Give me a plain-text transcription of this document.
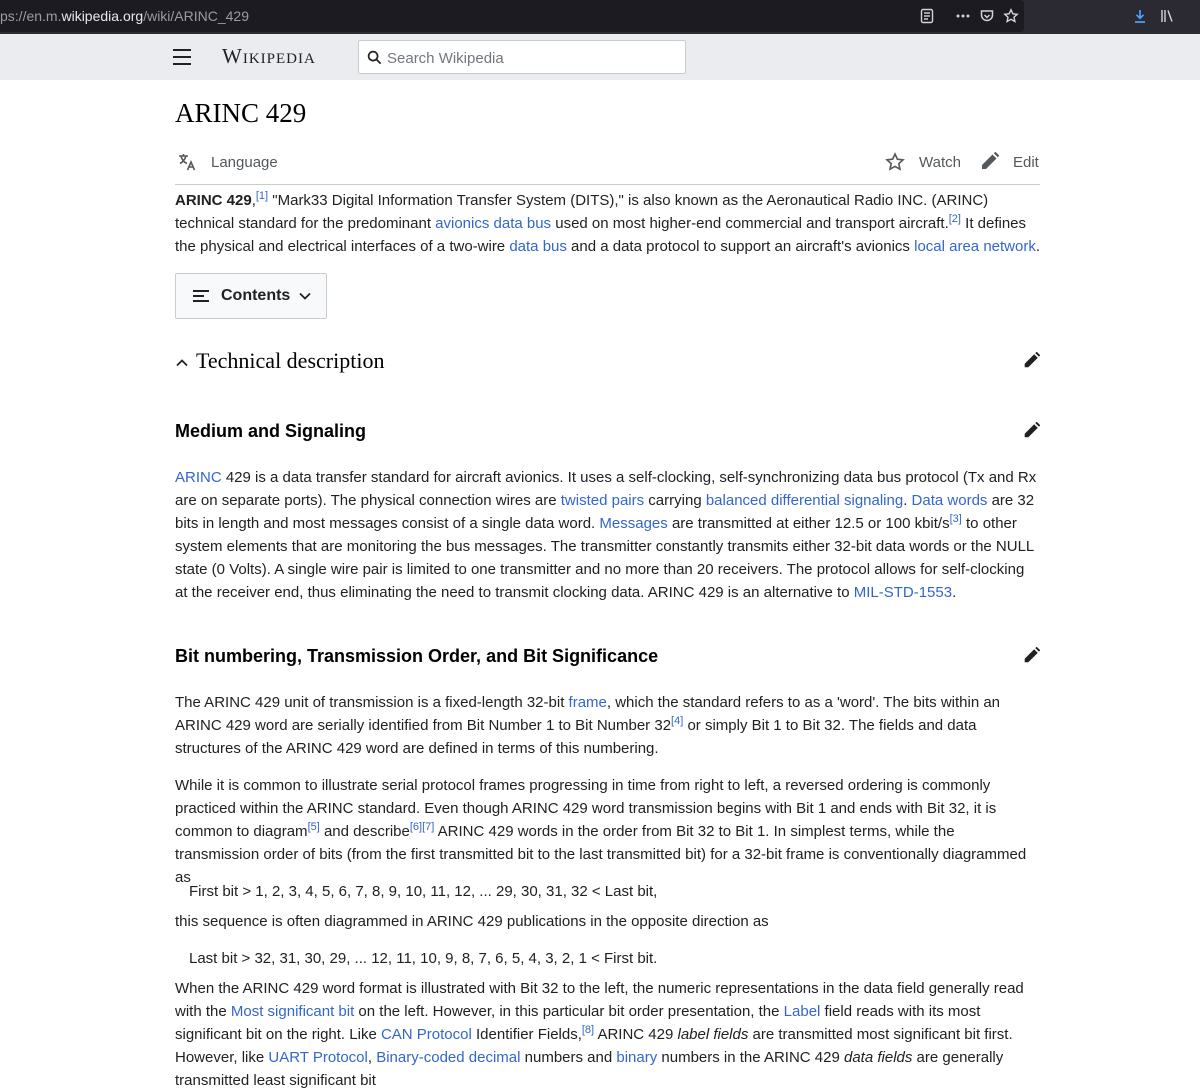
ps://en.m.wikipedia.org/wiki/ARINC_429
Wikipedia
Search Wikipedia
ARINC 429
Language	Watch	Edit

ARINC 429,[1] "Mark33 Digital Information Transfer System (DITS)," is also known as the Aeronautical Radio INC. (ARINC) technical standard for the predominant avionics data bus used on most higher-end commercial and transport aircraft.[2] It defines the physical and electrical interfaces of a two-wire data bus and a data protocol to support an aircraft's avionics local area network.

Contents
Technical description
Medium and Signaling

ARINC 429 is a data transfer standard for aircraft avionics. It uses a self-clocking, self-synchronizing data bus protocol (Tx and Rx are on separate ports). The physical connection wires are twisted pairs carrying balanced differential signaling. Data words are 32 bits in length and most messages consist of a single data word. Messages are transmitted at either 12.5 or 100 kbit/s[3] to other system elements that are monitoring the bus messages. The transmitter constantly transmits either 32-bit data words or the NULL state (0 Volts). A single wire pair is limited to one transmitter and no more than 20 receivers. The protocol allows for self-clocking at the receiver end, thus eliminating the need to transmit clocking data. ARINC 429 is an alternative to MIL-STD-1553.

Bit numbering, Transmission Order, and Bit Significance

The ARINC 429 unit of transmission is a fixed-length 32-bit frame, which the standard refers to as a 'word'. The bits within an ARINC 429 word are serially identified from Bit Number 1 to Bit Number 32[4] or simply Bit 1 to Bit 32. The fields and data structures of the ARINC 429 word are defined in terms of this numbering.

While it is common to illustrate serial protocol frames progressing in time from right to left, a reversed ordering is commonly practiced within the ARINC standard. Even though ARINC 429 word transmission begins with Bit 1 and ends with Bit 32, it is common to diagram[5] and describe[6][7] ARINC 429 words in the order from Bit 32 to Bit 1. In simplest terms, while the transmission order of bits (from the first transmitted bit to the last transmitted bit) for a 32-bit frame is conventionally diagrammed as

First bit > 1, 2, 3, 4, 5, 6, 7, 8, 9, 10, 11, 12, ... 29, 30, 31, 32 < Last bit,

this sequence is often diagrammed in ARINC 429 publications in the opposite direction as

Last bit > 32, 31, 30, 29, ... 12, 11, 10, 9, 8, 7, 6, 5, 4, 3, 2, 1 < First bit.

When the ARINC 429 word format is illustrated with Bit 32 to the left, the numeric representations in the data field generally read with the Most significant bit on the left. However, in this particular bit order presentation, the Label field reads with its most significant bit on the right. Like CAN Protocol Identifier Fields,[8] ARINC 429 label fields are transmitted most significant bit first. However, like UART Protocol, Binary-coded decimal numbers and binary numbers in the ARINC 429 data fields are generally transmitted least significant bit
